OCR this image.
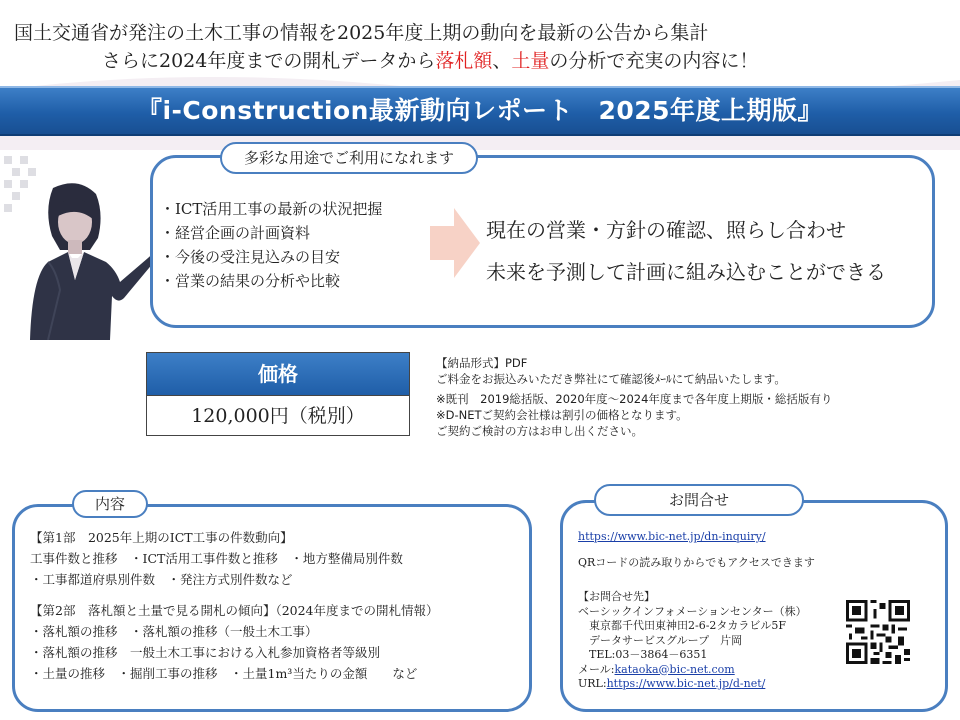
国土交通省が発注の土木工事の情報を2025年度上期の動向を最新の公告から集計
さらに2024年度までの開札データから落札額、土量の分析で充実の内容に！
『i-Construction最新動向レポート　2025年度上期版』
多彩な用途でご利用になれます
・ICT活用工事の最新の状況把握
・経営企画の計画資料
・今後の受注見込みの目安
・営業の結果の分析や比較
現在の営業・方針の確認、照らし合わせ
未来を予測して計画に組み込むことができる
価格
120,000円（税別）
【納品形式】PDF
ご料金をお振込みいただき弊社にて確認後ﾒｰﾙにて納品いたします。
※既刊　2019総括版、2020年度～2024年度まで各年度上期版・総括版有り
※D-NETご契約会社様は割引の価格となります。
ご契約ご検討の方はお申し出ください。
内容
【第1部　2025年上期のICT工事の件数動向】
工事件数と推移　・ICT活用工事件数と推移　・地方整備局別件数
・工事都道府県別件数　・発注方式別件数など
【第2部　落札額と土量で見る開札の傾向】（2024年度までの開札情報）
・落札額の推移　・落札額の推移（一般土木工事）
・落札額の推移　一般土木工事における入札参加資格者等級別
・土量の推移　・掘削工事の推移　・土量1m³当たりの金額　　など
お問合せ
https://www.bic-net.jp/dn-inquiry/
QRコードの読み取りからでもアクセスできます
【お問合せ先】
ベーシックインフォメーションセンター（株）
　東京都千代田東神田2-6-2タカラビル5F
　データサービスグループ　片岡
　TEL:03－3864－6351
メール:kataoka@bic-net.com
URL:https://www.bic-net.jp/d-net/
